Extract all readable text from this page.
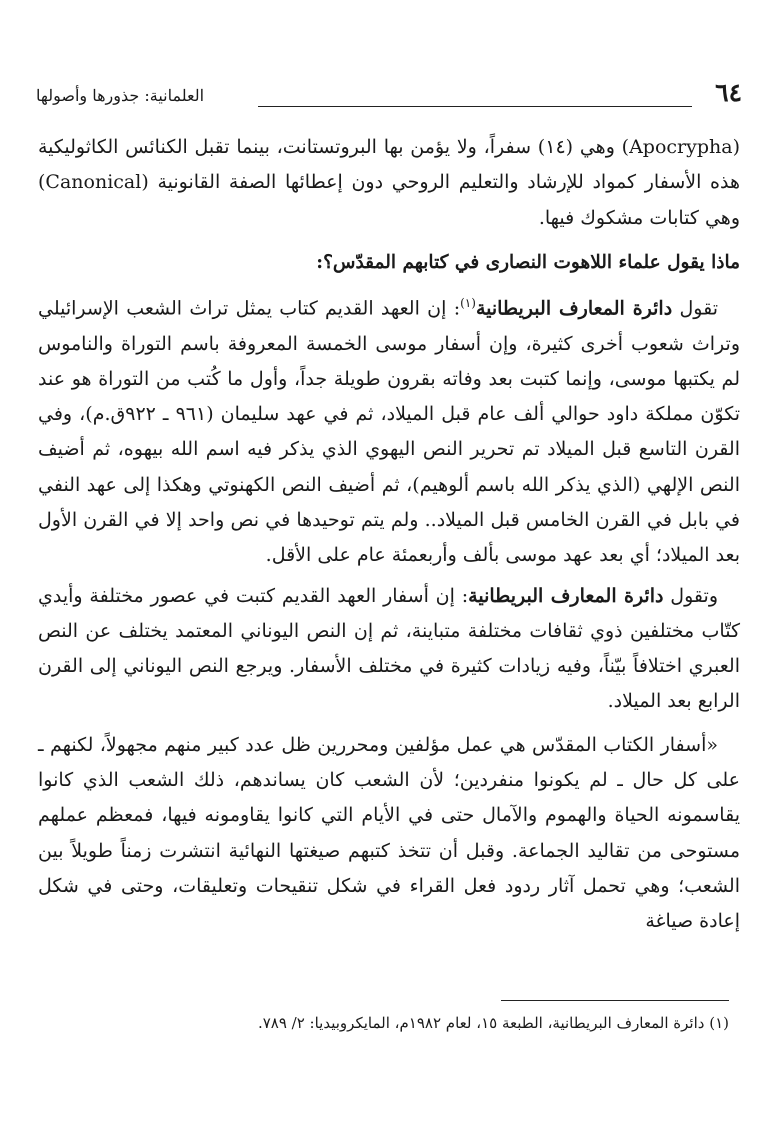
٦٤
العلمانية: جذورها وأصولها

(Apocrypha) وهي (١٤) سفراً، ولا يؤمن بها البروتستانت، بينما تقبل الكنائس الكاثوليكية هذه الأسفار كمواد للإرشاد والتعليم الروحي دون إعطائها الصفة القانونية (Canonical) وهي كتابات مشكوك فيها.

ماذا يقول علماء اللاهوت النصارى في كتابهم المقدّس؟:

تقول دائرة المعارف البريطانية$^{(١)}$: إن العهد القديم كتاب يمثل تراث الشعب الإسرائيلي وتراث شعوب أخرى كثيرة، وإن أسفار موسى الخمسة المعروفة باسم التوراة والناموس لم يكتبها موسى، وإنما كتبت بعد وفاته بقرون طويلة جداً، وأول ما كُتب من التوراة هو عند تكوّن مملكة داود حوالي ألف عام قبل الميلاد، ثم في عهد سليمان (٩٦١ ـ ٩٢٢ق.م)، وفي القرن التاسع قبل الميلاد تم تحرير النص اليهوي الذي يذكر فيه اسم الله بيهوه، ثم أضيف النص الإلهي (الذي يذكر الله باسم ألوهيم)، ثم أضيف النص الكهنوتي وهكذا إلى عهد النفي في بابل في القرن الخامس قبل الميلاد.. ولم يتم توحيدها في نص واحد إلا في القرن الأول بعد الميلاد؛ أي بعد عهد موسى بألف وأربعمئة عام على الأقل.

وتقول دائرة المعارف البريطانية: إن أسفار العهد القديم كتبت في عصور مختلفة وأيدي كتّاب مختلفين ذوي ثقافات مختلفة متباينة، ثم إن النص اليوناني المعتمد يختلف عن النص العبري اختلافاً بيّناً، وفيه زيادات كثيرة في مختلف الأسفار. ويرجع النص اليوناني إلى القرن الرابع بعد الميلاد.

«أسفار الكتاب المقدّس هي عمل مؤلفين ومحررين ظل عدد كبير منهم مجهولاً، لكنهم ـ على كل حال ـ لم يكونوا منفردين؛ لأن الشعب كان يساندهم، ذلك الشعب الذي كانوا يقاسمونه الحياة والهموم والآمال حتى في الأيام التي كانوا يقاومونه فيها، فمعظم عملهم مستوحى من تقاليد الجماعة. وقبل أن تتخذ كتبهم صيغتها النهائية انتشرت زمناً طويلاً بين الشعب؛ وهي تحمل آثار ردود فعل القراء في شكل تنقيحات وتعليقات، وحتى في شكل إعادة صياغة

(١) دائرة المعارف البريطانية، الطبعة ١٥، لعام ١٩٨٢م، المايكروبيديا: ٢/ ٧٨٩.
